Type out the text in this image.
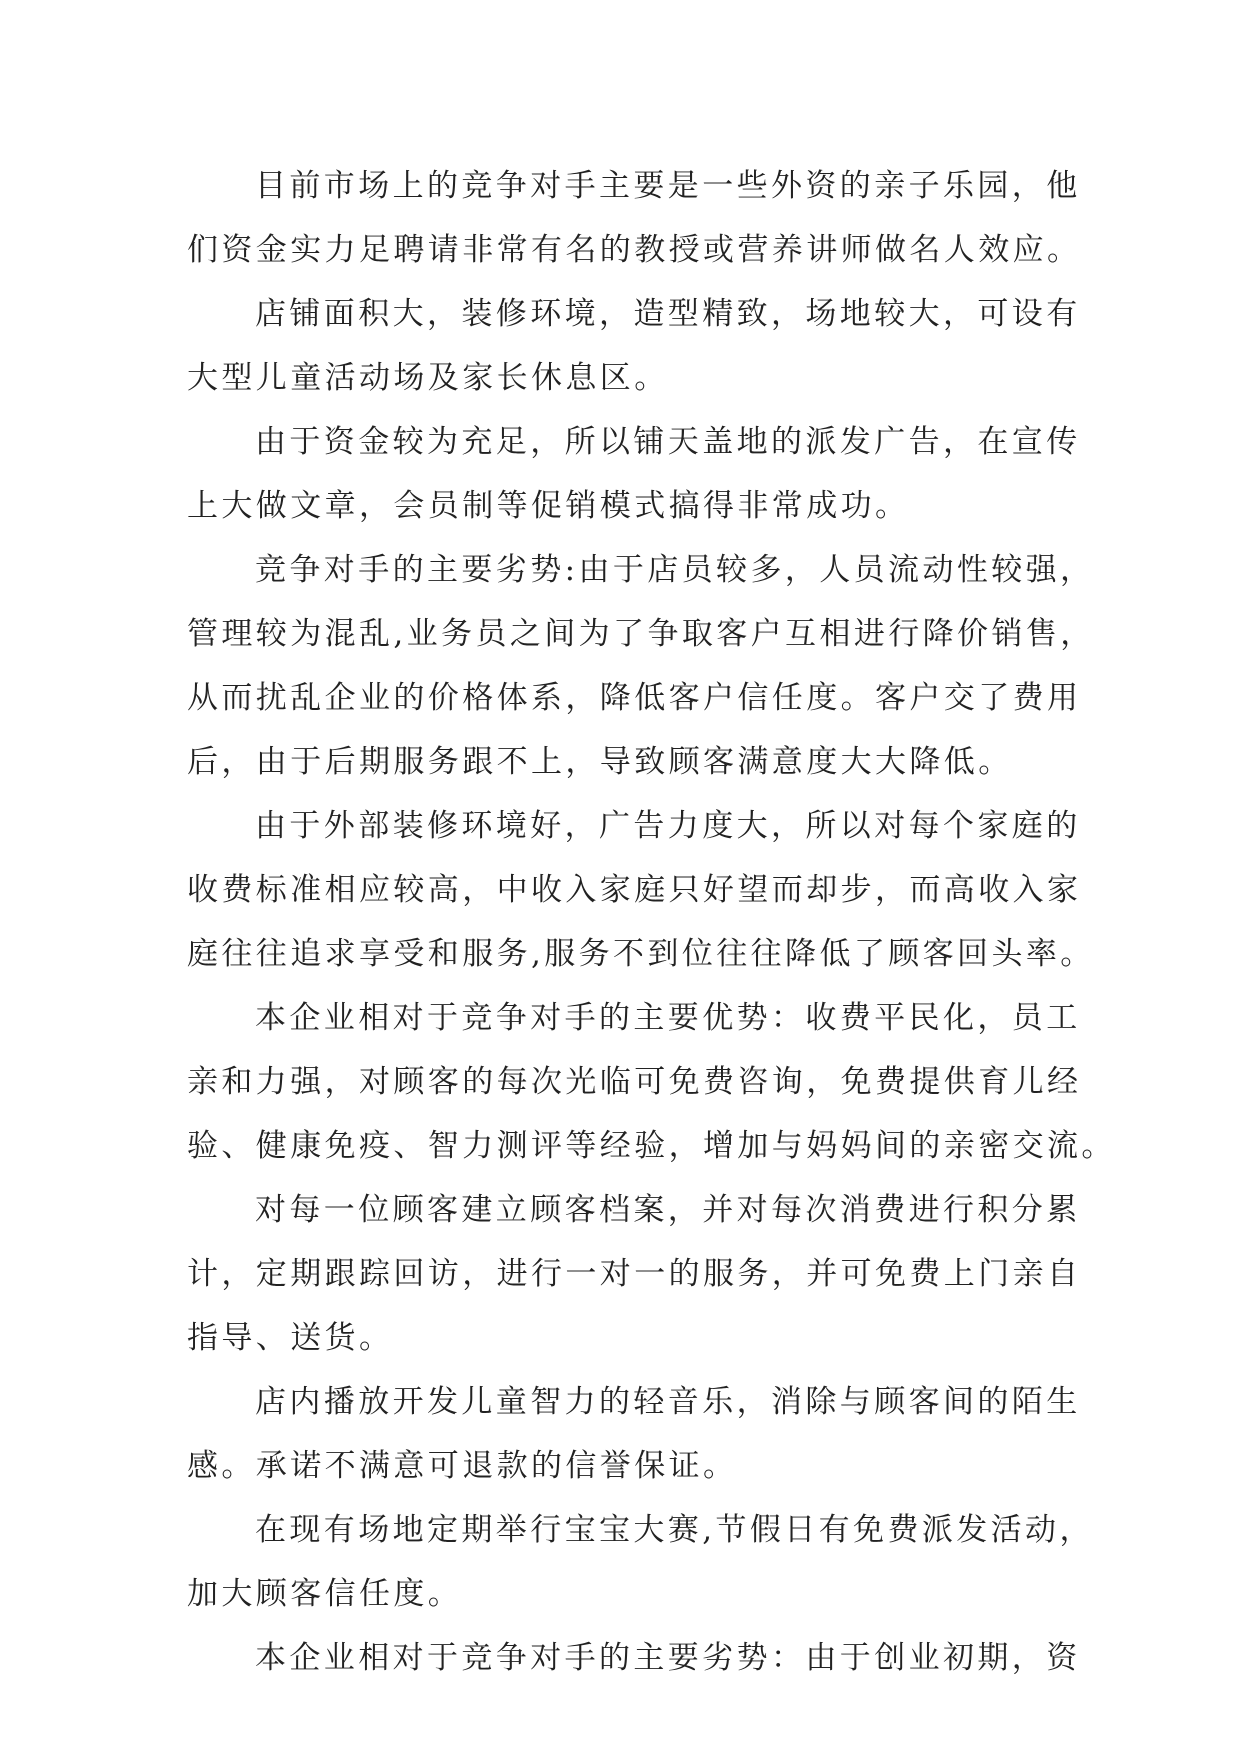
目前市场上的竞争对手主要是一些外资的亲子乐园，他
们资金实力足聘请非常有名的教授或营养讲师做名人效应。
店铺面积大，装修环境，造型精致，场地较大，可设有
大型儿童活动场及家长休息区。
由于资金较为充足，所以铺天盖地的派发广告，在宣传
上大做文章，会员制等促销模式搞得非常成功。
竞争对手的主要劣势:由于店员较多，人员流动性较强，
管理较为混乱,业务员之间为了争取客户互相进行降价销售，
从而扰乱企业的价格体系，降低客户信任度。客户交了费用
后，由于后期服务跟不上，导致顾客满意度大大降低。
由于外部装修环境好，广告力度大，所以对每个家庭的
收费标准相应较高，中收入家庭只好望而却步，而高收入家
庭往往追求享受和服务,服务不到位往往降低了顾客回头率。
本企业相对于竞争对手的主要优势：收费平民化，员工
亲和力强，对顾客的每次光临可免费咨询，免费提供育儿经
验、健康免疫、智力测评等经验，增加与妈妈间的亲密交流。
对每一位顾客建立顾客档案，并对每次消费进行积分累
计，定期跟踪回访，进行一对一的服务，并可免费上门亲自
指导、送货。
店内播放开发儿童智力的轻音乐，消除与顾客间的陌生
感。承诺不满意可退款的信誉保证。
在现有场地定期举行宝宝大赛,节假日有免费派发活动，
加大顾客信任度。
本企业相对于竞争对手的主要劣势：由于创业初期，资
